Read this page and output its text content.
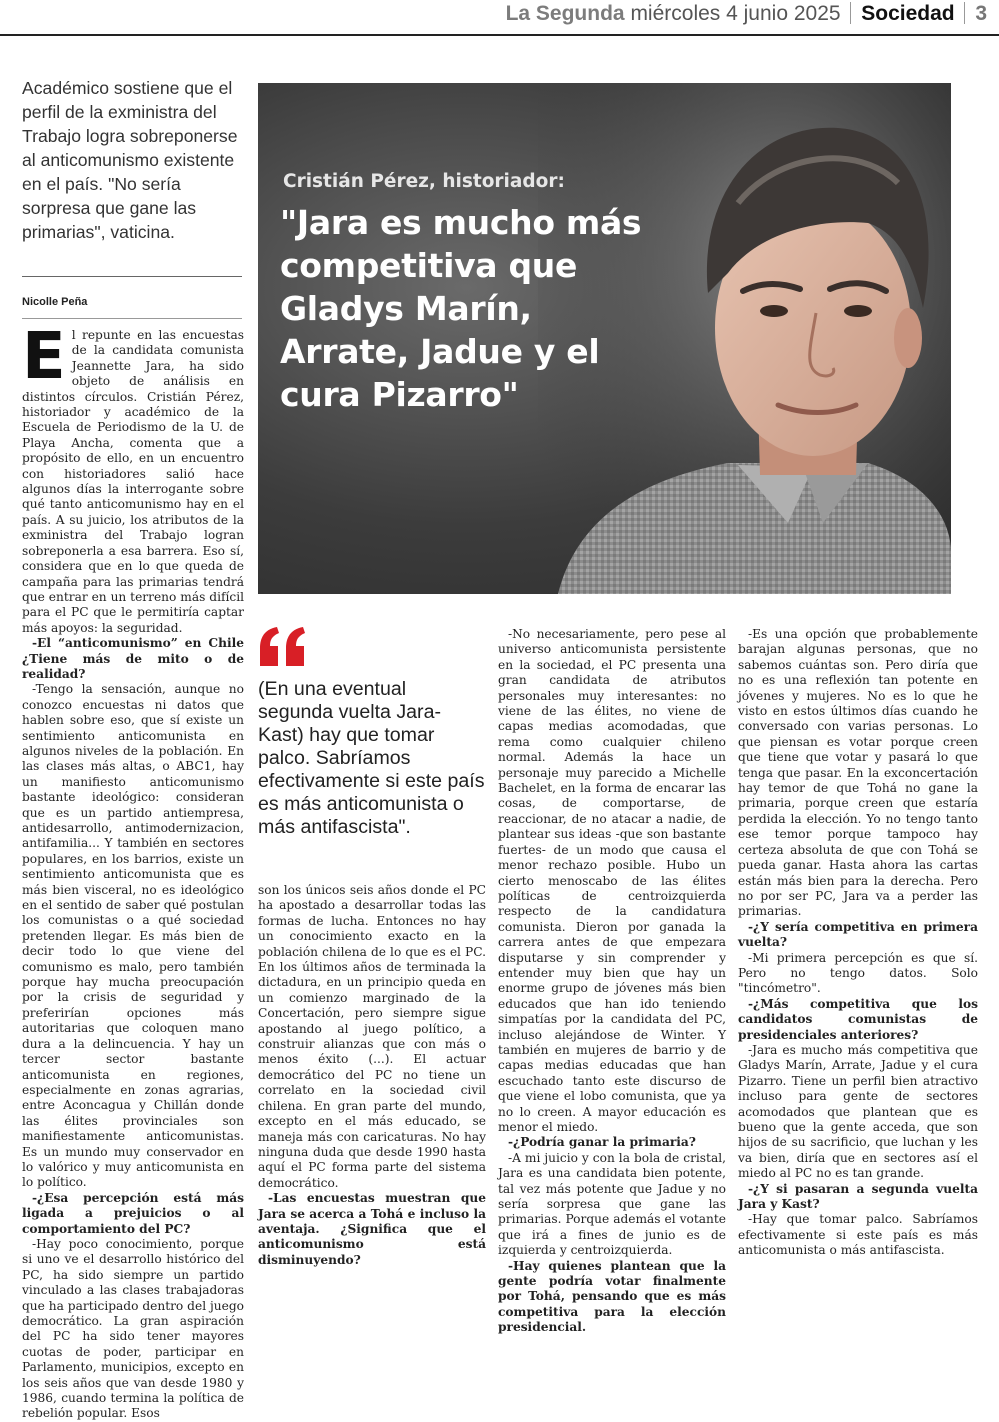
La Segunda miércoles 4 junio 2025 Sociedad 3
Académico sostiene que el perfil de la exministra del Trabajo logra sobreponerse al anticomunismo existente en el país. "No sería sorpresa que gane las primarias", vaticina.
Nicolle Peña

El repunte en las encuestas de la candidata comunista Jeannette Jara, ha sido objeto de análisis en distintos círculos. Cristián Pérez, historiador y académico de la Escuela de Periodismo de la U. de Playa Ancha, comenta que a propósito de ello, en un encuentro con historiadores salió hace algunos días la interrogante sobre qué tanto anticomunismo hay en el país. A su juicio, los atributos de la exministra del Trabajo logran sobreponerla a esa barrera. Eso sí, considera que en lo que queda de campaña para las primarias tendrá que entrar en un terreno más difícil para el PC que le permitiría captar más apoyos: la seguridad.

-El “anticomunismo” en Chile ¿Tiene más de mito o de realidad?

-Tengo la sensación, aunque no conozco encuestas ni datos que hablen sobre eso, que sí existe un sentimiento anticomunista en algunos niveles de la población. En las clases más altas, o ABC1, hay un manifiesto anticomunismo bastante ideológico: consideran que es un partido antiempresa, antidesarrollo, antimodernizacion, antifamilia... Y también en sectores populares, en los barrios, existe un sentimiento anticomunista que es más bien visceral, no es ideológico en el sentido de saber qué postulan los comunistas o a qué sociedad pretenden llegar. Es más bien de decir todo lo que viene del comunismo es malo, pero también porque hay mucha preocupación por la crisis de seguridad y preferirían opciones más autoritarias que coloquen mano dura a la delincuencia. Y hay un tercer sector bastante anticomunista en regiones, especialmente en zonas agrarias, entre Aconcagua y Chillán donde las élites provinciales son manifiestamente anticomunistas. Es un mundo muy conservador en lo valórico y muy anticomunista en lo político.

-¿Esa percepción está más ligada a prejuicios o al comportamiento del PC?

-Hay poco conocimiento, porque si uno ve el desarrollo histórico del PC, ha sido siempre un partido vinculado a las clases trabajadoras que ha participado dentro del juego democrático. La gran aspiración del PC ha sido tener mayores cuotas de poder, participar en Parlamento, municipios, excepto en los seis años que van desde 1980 y 1986, cuando termina la política de rebelión popular. Esos

Cristián Pérez, historiador:
"Jara es mucho más competitiva que Gladys Marín, Arrate, Jadue y el cura Pizarro"
(En una eventual segunda vuelta Jara-Kast) hay que tomar palco. Sabríamos efectivamente si este país es más anticomunista o más antifascista".

son los únicos seis años donde el PC ha apostado a desarrollar todas las formas de lucha. Entonces no hay un conocimiento exacto en la población chilena de lo que es el PC. En los últimos años de terminada la dictadura, en un principio queda en un comienzo marginado de la Concertación, pero siempre sigue apostando al juego político, a construir alianzas que con más o menos éxito (...). El actuar democrático del PC no tiene un correlato en la sociedad civil chilena. En gran parte del mundo, excepto en el más educado, se maneja más con caricaturas. No hay ninguna duda que desde 1990 hasta aquí el PC forma parte del sistema democrático.

-Las encuestas muestran que Jara se acerca a Tohá e incluso la aventaja. ¿Significa que el anticomunismo está disminuyendo?

-No necesariamente, pero pese al universo anticomunista persistente en la sociedad, el PC presenta una gran candidata de atributos personales muy interesantes: no viene de las élites, no viene de capas medias acomodadas, que rema como cualquier chileno normal. Además la hace un personaje muy parecido a Michelle Bachelet, en la forma de encarar las cosas, de comportarse, de reaccionar, de no atacar a nadie, de plantear sus ideas -que son bastante fuertes- de un modo que causa el menor rechazo posible. Hubo un cierto menoscabo de las élites políticas de centroizquierda respecto de la candidatura comunista. Dieron por ganada la carrera antes de que empezara disputarse y sin comprender y entender muy bien que hay un enorme grupo de jóvenes más bien educados que han ido teniendo simpatías por la candidata del PC, incluso alejándose de Winter. Y también en mujeres de barrio y de capas medias educadas que han escuchado tanto este discurso de que viene el lobo comunista, que ya no lo creen. A mayor educación es menor el miedo.

-¿Podría ganar la primaria?

-A mi juicio y con la bola de cristal, Jara es una candidata bien potente, tal vez más potente que Jadue y no sería sorpresa que gane las primarias. Porque además el votante que irá a fines de junio es de izquierda y centroizquierda.

-Hay quienes plantean que la gente podría votar finalmente por Tohá, pensando que es más competitiva para la elección presidencial.

-Es una opción que probablemente barajan algunas personas, que no sabemos cuántas son. Pero diría que no es una reflexión tan potente en jóvenes y mujeres. No es lo que he visto en estos últimos días cuando he conversado con varias personas. Lo que piensan es votar porque creen que tiene que votar y pasará lo que tenga que pasar. En la exconcertación hay temor de que Tohá no gane la primaria, porque creen que estaría perdida la elección. Yo no tengo tanto ese temor porque tampoco hay certeza absoluta de que con Tohá se pueda ganar. Hasta ahora las cartas están más bien para la derecha. Pero no por ser PC, Jara va a perder las primarias.

-¿Y sería competitiva en primera vuelta?

-Mi primera percepción es que sí. Pero no tengo datos. Solo "tincómetro".

-¿Más competitiva que los candidatos comunistas de presidenciales anteriores?

-Jara es mucho más competitiva que Gladys Marín, Arrate, Jadue y el cura Pizarro. Tiene un perfil bien atractivo incluso para gente de sectores acomodados que plantean que es bueno que la gente acceda, que son hijos de su sacrificio, que luchan y les va bien, diría que en sectores así el miedo al PC no es tan grande.

-¿Y si pasaran a segunda vuelta Jara y Kast?

-Hay que tomar palco. Sabríamos efectivamente si este país es más anticomunista o más antifascista.
